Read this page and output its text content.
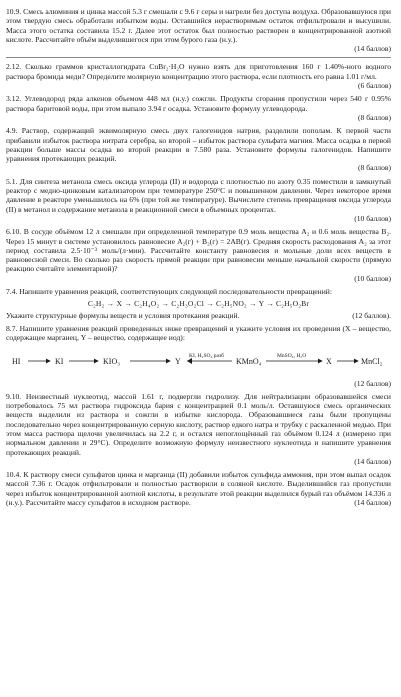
10.9. Смесь алюминия и цинка массой 5.3 г смешали с 9.6 г серы и нагрели без доступа воздуха. Образовавшуюся при этом твердую смесь обработали избытком воды. Оставшийся нерастворимым остаток отфильтровали и высушили. Масса этого остатка составила 15.2 г. Далее этот остаток был полностью растворен в концентрированной азотной кислоте. Рассчитайте объём выделившегося при этом бурого газа (н.у.).

(14 баллов)

2.12. Сколько граммов кристаллогидрата CuBr₂·H₂O нужно взять для приготовления 160 г 1.40%-ного водного раствора бромида меди? Определите молярную концентрацию этого раствора, если плотность его равна 1.01 г/мл.

(6 баллов)

3.12. Углеводород ряда алкенов объемом 448 мл (н.у.) сожгли. Продукты сгорания пропустили через 540 г 0.95% раствора баритовой воды, при этом выпало 3.94 г осадка. Установите формулу углеводорода.

(8 баллов)

4.9. Раствор, содержащий эквимолярную смесь двух галогенидов натрия, разделили пополам. К первой части прибавили избыток раствора нитрата серебра, ко второй – избыток раствора сульфата магния. Масса осадка в первой реакции больше массы осадка во второй реакции в 7.580 раза. Установите формулы галогенидов. Напишите уравнения протекающих реакций.

(8 баллов)

5.1. Для синтеза метанола смесь оксида углерода (II) и водорода с плотностью по азоту 0.35 поместили в замкнутый реактор с медно-цинковым катализатором при температуре 250°С и повышенном давлении. Через некоторое время давление в реакторе уменьшилось на 6% (при той же температуре). Вычислите степень превращения оксида углерода (II) в метанол и содержание метанола в реакционной смеси в объемных процентах.

(10 баллов)

6.10. В сосуде объёмом 12 л смешали при определенной температуре 0.9 моль вещества A₂ и 0.6 моль вещества B₂. Через 15 минут в системе установилось равновесие A₂(г) + B₂(г) = 2AB(г). Средняя скорость расходования A₂ за этот период составила 2.5·10⁻³ моль/(л·мин). Рассчитайте константу равновесия и мольные доли всех веществ в равновесной смеси. Во сколько раз скорость прямой реакции при равновесии меньше начальной скорости (прямую реакцию считайте элементарной)?

(10 баллов)

7.4. Напишите уравнения реакций, соответствующих следующей последовательности превращений:

C₂H₂ → X → C₂H₄O₂ → C₂H₃O₂Cl → C₂H₅NO₂ → Y → C₂H₅O₂Br

(12 баллов).
Укажите структурные формулы веществ и условия протекания реакций.

8.7. Напишите уравнения реакций приведенных ниже превращений и укажите условия их проведения (X – вещество, содержащее марганец, Y – вещество, содержащее иод):

HI	KI	KIO₃	Y
KI, H₂SO₄ разб
KMnO₄
MnSO₄, H₂O
X	MnCl₂
(12 баллов)

9.10. Неизвестный нуклеотид, массой 1.61 г, подвергли гидролизу. Для нейтрализации образовавшейся смеси потребовалось 75 мл раствора гидроксида бария с концентрацией 0.1 моль/л. Оставшуюся смесь органических веществ выделили из раствора и сожгли в избытке кислорода. Образовавшиеся газы были пропущены последовательно через концентрированную серную кислоту, раствор едкого натра и трубку с раскаленной медью. При этом масса раствора щелочи увеличилась на 2.2 г, и остался непоглощённый газ объёмом 0.124 л (измерено при нормальном давлении и 29°С). Определите возможную формулу неизвестного нуклеотида и напишите уравнения протекающих реакций.

(14 баллов)

10.4. К раствору смеси сульфатов цинка и марганца (II) добавили избыток сульфида аммония, при этом выпал осадок массой 7.36 г. Осадок отфильтровали и полностью растворили в соляной кислоте. Выделившийся газ пропустили через избыток концентрированной азотной кислоты, в результате этой реакции выделился бурый газ объёмом 14.336 л (н.у.). Рассчитайте массу сульфатов в исходном растворе.	(14 баллов)
